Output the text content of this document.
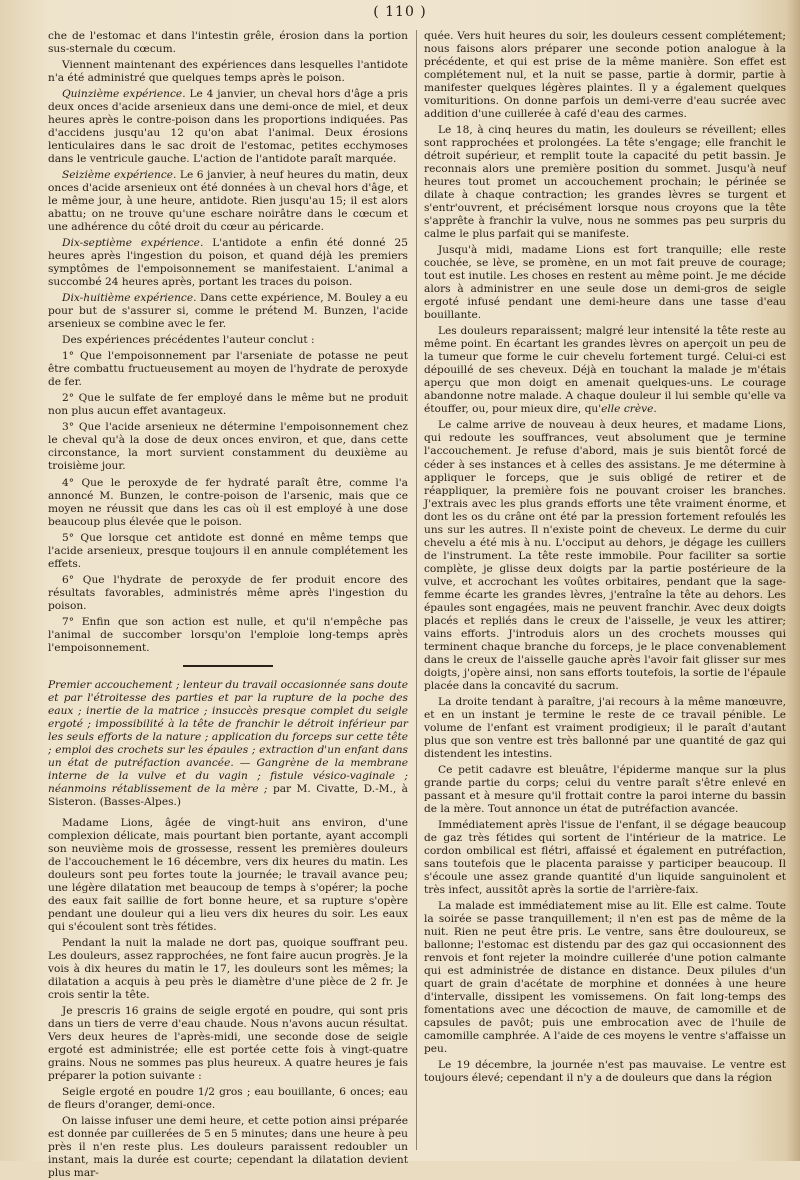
( 110 )

che de l'estomac et dans l'intestin grêle, érosion dans la portion sus-sternale du cœcum.

Viennent maintenant des expériences dans lesquelles l'antidote n'a été administré que quelques temps après le poison.

Quinzième expérience. Le 4 janvier, un cheval hors d'âge a pris deux onces d'acide arsenieux dans une demi-once de miel, et deux heures après le contre-poison dans les proportions indiquées. Pas d'accidens jusqu'au 12 qu'on abat l'animal. Deux érosions lenticulaires dans le sac droit de l'estomac, petites ecchymoses dans le ventricule gauche. L'action de l'antidote paraît marquée.

Seizième expérience. Le 6 janvier, à neuf heures du matin, deux onces d'acide arsenieux ont été données à un cheval hors d'âge, et le même jour, à une heure, antidote. Rien jusqu'au 15; il est alors abattu; on ne trouve qu'une eschare noirâtre dans le cœcum et une adhérence du côté droit du cœur au péricarde.

Dix-septième expérience. L'antidote a enfin été donné 25 heures après l'ingestion du poison, et quand déjà les premiers symptômes de l'empoisonnement se manifestaient. L'animal a succombé 24 heures après, portant les traces du poison.

Dix-huitième expérience. Dans cette expérience, M. Bouley a eu pour but de s'assurer si, comme le prétend M. Bunzen, l'acide arsenieux se combine avec le fer.

Des expériences précédentes l'auteur conclut :

1° Que l'empoisonnement par l'arseniate de potasse ne peut être combattu fructueusement au moyen de l'hydrate de peroxyde de fer.

2° Que le sulfate de fer employé dans le même but ne produit non plus aucun effet avantageux.

3° Que l'acide arsenieux ne détermine l'empoisonnement chez le cheval qu'à la dose de deux onces environ, et que, dans cette circonstance, la mort survient constamment du deuxième au troisième jour.

4° Que le peroxyde de fer hydraté paraît être, comme l'a annoncé M. Bunzen, le contre-poison de l'arsenic, mais que ce moyen ne réussit que dans les cas où il est employé à une dose beaucoup plus élevée que le poison.

5° Que lorsque cet antidote est donné en même temps que l'acide arsenieux, presque toujours il en annule complétement les effets.

6° Que l'hydrate de peroxyde de fer produit encore des résultats favorables, administrés même après l'ingestion du poison.

7° Enfin que son action est nulle, et qu'il n'empêche pas l'animal de succomber lorsqu'on l'emploie long-temps après l'empoisonnement.

Premier accouchement ; lenteur du travail occasionnée sans doute et par l'étroitesse des parties et par la rupture de la poche des eaux ; inertie de la matrice ; insuccès presque complet du seigle ergoté ; impossibilité à la tête de franchir le détroit inférieur par les seuls efforts de la nature ; application du forceps sur cette tête ; emploi des crochets sur les épaules ; extraction d'un enfant dans un état de putréfaction avancée. — Gangrène de la membrane interne de la vulve et du vagin ; fistule vésico-vaginale ; néanmoins rétablissement de la mère ; par M. Civatte, D.-M., à Sisteron. (Basses-Alpes.)

Madame Lions, âgée de vingt-huit ans environ, d'une complexion délicate, mais pourtant bien portante, ayant accompli son neuvième mois de grossesse, ressent les premières douleurs de l'accouchement le 16 décembre, vers dix heures du matin. Les douleurs sont peu fortes toute la journée; le travail avance peu; une légère dilatation met beaucoup de temps à s'opérer; la poche des eaux fait saillie de fort bonne heure, et sa rupture s'opère pendant une douleur qui a lieu vers dix heures du soir. Les eaux qui s'écoulent sont très fétides.

Pendant la nuit la malade ne dort pas, quoique souffrant peu. Les douleurs, assez rapprochées, ne font faire aucun progrès. Je la vois à dix heures du matin le 17, les douleurs sont les mêmes; la dilatation a acquis à peu près le diamètre d'une pièce de 2 fr. Je crois sentir la tête.

Je prescris 16 grains de seigle ergoté en poudre, qui sont pris dans un tiers de verre d'eau chaude. Nous n'avons aucun résultat. Vers deux heures de l'après-midi, une seconde dose de seigle ergoté est administrée; elle est portée cette fois à vingt-quatre grains. Nous ne sommes pas plus heureux. A quatre heures je fais préparer la potion suivante :

Seigle ergoté en poudre 1/2 gros ; eau bouillante, 6 onces; eau de fleurs d'oranger, demi-once.

On laisse infuser une demi heure, et cette potion ainsi préparée est donnée par cuillerées de 5 en 5 minutes; dans une heure à peu près il n'en reste plus. Les douleurs paraissent redoubler un instant, mais la durée est courte; cependant la dilatation devient plus mar-

quée. Vers huit heures du soir, les douleurs cessent complétement; nous faisons alors préparer une seconde potion analogue à la précédente, et qui est prise de la même manière. Son effet est complétement nul, et la nuit se passe, partie à dormir, partie à manifester quelques légères plaintes. Il y a également quelques vomituritions. On donne parfois un demi-verre d'eau sucrée avec addition d'une cuillerée à café d'eau des carmes.

Le 18, à cinq heures du matin, les douleurs se réveillent; elles sont rapprochées et prolongées. La tête s'engage; elle franchit le détroit supérieur, et remplit toute la capacité du petit bassin. Je reconnais alors une première position du sommet. Jusqu'à neuf heures tout promet un accouchement prochain; le périnée se dilate à chaque contraction; les grandes lèvres se turgent et s'entr'ouvrent, et précisément lorsque nous croyons que la tête s'apprête à franchir la vulve, nous ne sommes pas peu surpris du calme le plus parfait qui se manifeste.

Jusqu'à midi, madame Lions est fort tranquille; elle reste couchée, se lève, se promène, en un mot fait preuve de courage; tout est inutile. Les choses en restent au même point. Je me décide alors à administrer en une seule dose un demi-gros de seigle ergoté infusé pendant une demi-heure dans une tasse d'eau bouillante.

Les douleurs reparaissent; malgré leur intensité la tête reste au même point. En écartant les grandes lèvres on aperçoit un peu de la tumeur que forme le cuir chevelu fortement turgé. Celui-ci est dépouillé de ses cheveux. Déjà en touchant la malade je m'étais aperçu que mon doigt en amenait quelques-uns. Le courage abandonne notre malade. A chaque douleur il lui semble qu'elle va étouffer, ou, pour mieux dire, qu'elle crève.

Le calme arrive de nouveau à deux heures, et madame Lions, qui redoute les souffrances, veut absolument que je termine l'accouchement. Je refuse d'abord, mais je suis bientôt forcé de céder à ses instances et à celles des assistans. Je me détermine à appliquer le forceps, que je suis obligé de retirer et de réappliquer, la première fois ne pouvant croiser les branches. J'extrais avec les plus grands efforts une tête vraiment énorme, et dont les os du crâne ont été par la pression fortement refoulés les uns sur les autres. Il n'existe point de cheveux. Le derme du cuir chevelu a été mis à nu. L'occiput au dehors, je dégage les cuillers de l'instrument. La tête reste immobile. Pour faciliter sa sortie complète, je glisse deux doigts par la partie postérieure de la vulve, et accrochant les voûtes orbitaires, pendant que la sage-femme écarte les grandes lèvres, j'entraîne la tête au dehors. Les épaules sont engagées, mais ne peuvent franchir. Avec deux doigts placés et repliés dans le creux de l'aisselle, je veux les attirer; vains efforts. J'introduis alors un des crochets mousses qui terminent chaque branche du forceps, je le place convenablement dans le creux de l'aisselle gauche après l'avoir fait glisser sur mes doigts, j'opère ainsi, non sans efforts toutefois, la sortie de l'épaule placée dans la concavité du sacrum.

La droite tendant à paraître, j'ai recours à la même manœuvre, et en un instant je termine le reste de ce travail pénible. Le volume de l'enfant est vraiment prodigieux; il le paraît d'autant plus que son ventre est très ballonné par une quantité de gaz qui distendent les intestins.

Ce petit cadavre est bleuâtre, l'épiderme manque sur la plus grande partie du corps; celui du ventre paraît s'être enlevé en passant et à mesure qu'il frottait contre la paroi interne du bassin de la mère. Tout annonce un état de putréfaction avancée.

Immédiatement après l'issue de l'enfant, il se dégage beaucoup de gaz très fétides qui sortent de l'intérieur de la matrice. Le cordon ombilical est flétri, affaissé et également en putréfaction, sans toutefois que le placenta paraisse y participer beaucoup. Il s'écoule une assez grande quantité d'un liquide sanguinolent et très infect, aussitôt après la sortie de l'arrière-faix.

La malade est immédiatement mise au lit. Elle est calme. Toute la soirée se passe tranquillement; il n'en est pas de même de la nuit. Rien ne peut être pris. Le ventre, sans être douloureux, se ballonne; l'estomac est distendu par des gaz qui occasionnent des renvois et font rejeter la moindre cuillerée d'une potion calmante qui est administrée de distance en distance. Deux pilules d'un quart de grain d'acétate de morphine et données à une heure d'intervalle, dissipent les vomissemens. On fait long-temps des fomentations avec une décoction de mauve, de camomille et de capsules de pavôt; puis une embrocation avec de l'huile de camomille camphrée. A l'aide de ces moyens le ventre s'affaisse un peu.

Le 19 décembre, la journée n'est pas mauvaise. Le ventre est toujours élevé; cependant il n'y a de douleurs que dans la région
